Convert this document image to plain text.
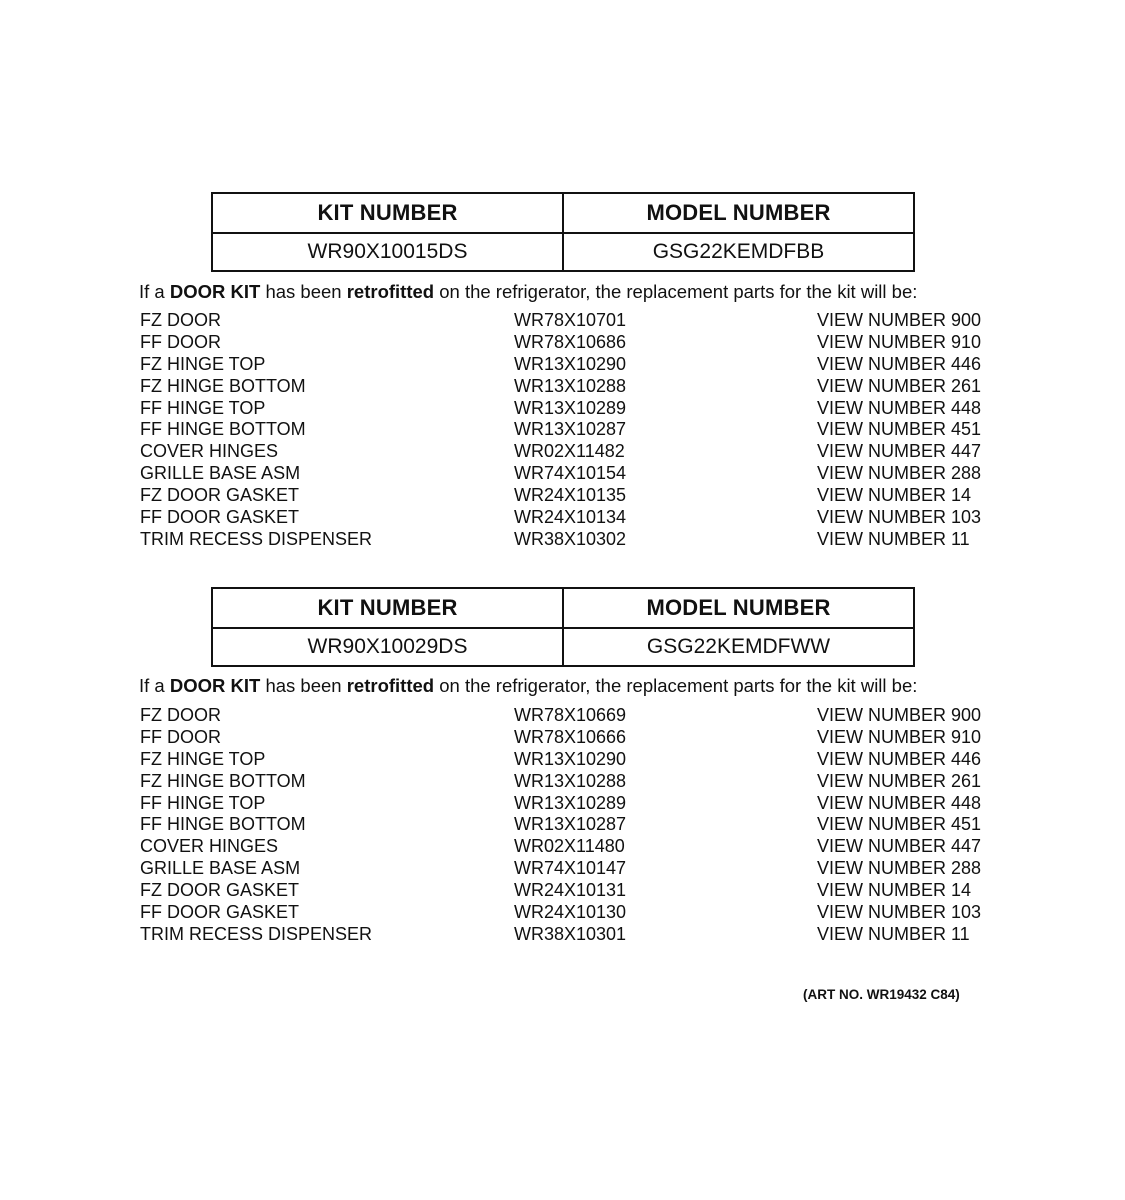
KIT NUMBER	MODEL NUMBER
WR90X10015DS	GSG22KEMDFBB
If a DOOR KIT has been retrofitted on the refrigerator, the replacement parts for the kit will be:
FZ DOOR	WR78X10701	VIEW NUMBER 900
FF DOOR	WR78X10686	VIEW NUMBER 910
FZ HINGE TOP	WR13X10290	VIEW NUMBER 446
FZ HINGE BOTTOM	WR13X10288	VIEW NUMBER 261
FF HINGE TOP	WR13X10289	VIEW NUMBER 448
FF HINGE BOTTOM	WR13X10287	VIEW NUMBER 451
COVER HINGES	WR02X11482	VIEW NUMBER 447
GRILLE BASE ASM	WR74X10154	VIEW NUMBER 288
FZ DOOR GASKET	WR24X10135	VIEW NUMBER 14
FF DOOR GASKET	WR24X10134	VIEW NUMBER 103
TRIM RECESS DISPENSER	WR38X10302	VIEW NUMBER 11
KIT NUMBER	MODEL NUMBER
WR90X10029DS	GSG22KEMDFWW
If a DOOR KIT has been retrofitted on the refrigerator, the replacement parts for the kit will be:
FZ DOOR	WR78X10669	VIEW NUMBER 900
FF DOOR	WR78X10666	VIEW NUMBER 910
FZ HINGE TOP	WR13X10290	VIEW NUMBER 446
FZ HINGE BOTTOM	WR13X10288	VIEW NUMBER 261
FF HINGE TOP	WR13X10289	VIEW NUMBER 448
FF HINGE BOTTOM	WR13X10287	VIEW NUMBER 451
COVER HINGES	WR02X11480	VIEW NUMBER 447
GRILLE BASE ASM	WR74X10147	VIEW NUMBER 288
FZ DOOR GASKET	WR24X10131	VIEW NUMBER 14
FF DOOR GASKET	WR24X10130	VIEW NUMBER 103
TRIM RECESS DISPENSER	WR38X10301	VIEW NUMBER 11
(ART NO. WR19432 C84)
